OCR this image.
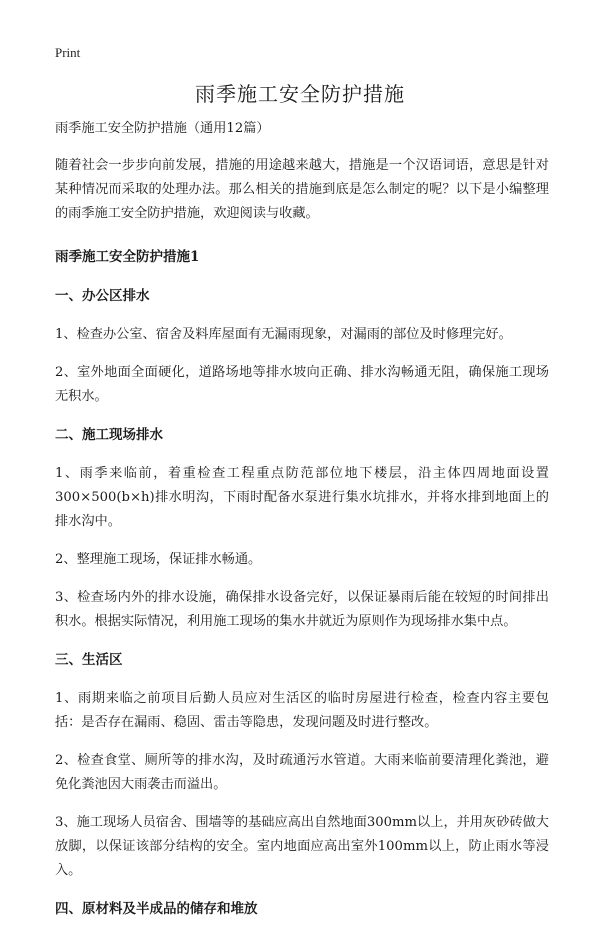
Print
雨季施工安全防护措施

雨季施工安全防护措施（通用12篇）

随着社会一步步向前发展，措施的用途越来越大，措施是一个汉语词语，意思是针对某种情况而采取的处理办法。那么相关的措施到底是怎么制定的呢？以下是小编整理的雨季施工安全防护措施，欢迎阅读与收藏。

雨季施工安全防护措施1
一、办公区排水

1、检查办公室、宿舍及料库屋面有无漏雨现象，对漏雨的部位及时修理完好。

2、室外地面全面硬化，道路场地等排水坡向正确、排水沟畅通无阻，确保施工现场无积水。

二、施工现场排水

1、雨季来临前，着重检查工程重点防范部位地下楼层，沿主体四周地面设置300×500(b×h)排水明沟，下雨时配备水泵进行集水坑排水，并将水排到地面上的排水沟中。

2、整理施工现场，保证排水畅通。

3、检查场内外的排水设施，确保排水设备完好，以保证暴雨后能在较短的时间排出积水。根据实际情况，利用施工现场的集水井就近为原则作为现场排水集中点。

三、生活区

1、雨期来临之前项目后勤人员应对生活区的临时房屋进行检查，检查内容主要包括：是否存在漏雨、稳固、雷击等隐患，发现问题及时进行整改。

2、检查食堂、厕所等的排水沟，及时疏通污水管道。大雨来临前要清理化粪池，避免化粪池因大雨袭击而溢出。

3、施工现场人员宿舍、围墙等的基础应高出自然地面300mm以上，并用灰砂砖做大放脚，以保证该部分结构的安全。室内地面应高出室外100mm以上，防止雨水等浸入。

四、原材料及半成品的储存和堆放
